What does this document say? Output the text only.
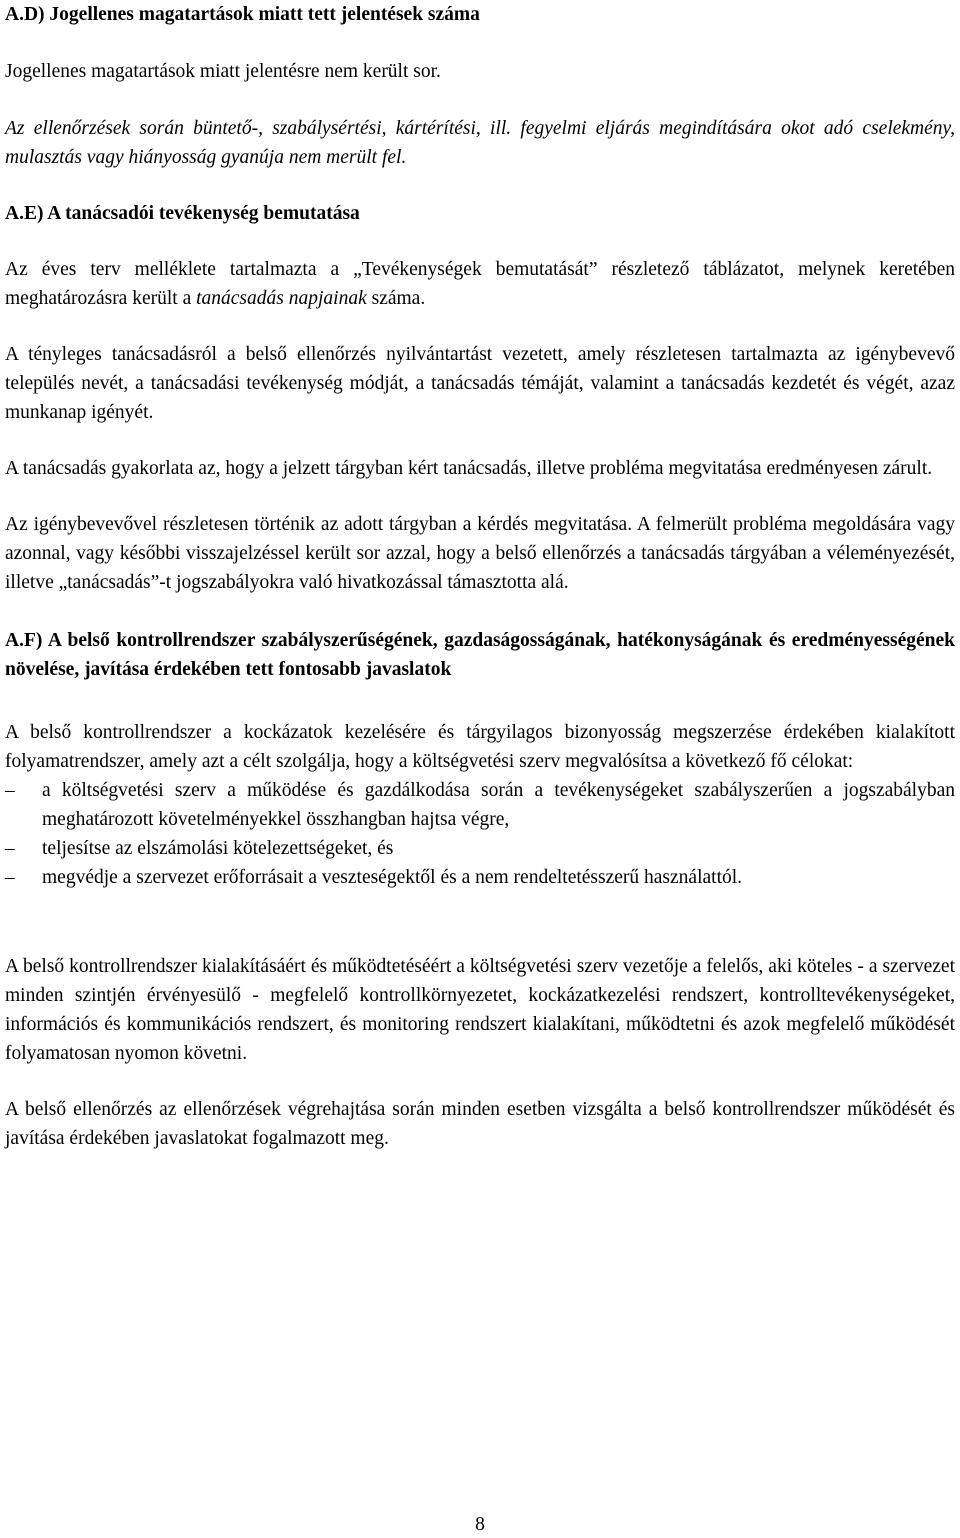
A.D) Jogellenes magatartások miatt tett jelentések száma

Jogellenes magatartások miatt jelentésre nem került sor.

Az ellenőrzések során büntető-, szabálysértési, kártérítési, ill. fegyelmi eljárás megindítására okot adó cselekmény, mulasztás vagy hiányosság gyanúja nem merült fel.

A.E) A tanácsadói tevékenység bemutatása

Az éves terv melléklete tartalmazta a „Tevékenységek bemutatását” részletező táblázatot, melynek keretében meghatározásra került a tanácsadás napjainak száma.

A tényleges tanácsadásról a belső ellenőrzés nyilvántartást vezetett, amely részletesen tartalmazta az igénybevevő település nevét, a tanácsadási tevékenység módját, a tanácsadás témáját, valamint a tanácsadás kezdetét és végét, azaz munkanap igényét.

A tanácsadás gyakorlata az, hogy a jelzett tárgyban kért tanácsadás, illetve probléma megvitatása eredményesen zárult.

Az igénybevevővel részletesen történik az adott tárgyban a kérdés megvitatása. A felmerült probléma megoldására vagy azonnal, vagy későbbi visszajelzéssel került sor azzal, hogy a belső ellenőrzés a tanácsadás tárgyában a véleményezését, illetve „tanácsadás”-t jogszabályokra való hivatkozással támasztotta alá.

A.F) A belső kontrollrendszer szabályszerűségének, gazdaságosságának, hatékonyságának és eredményességének növelése, javítása érdekében tett fontosabb javaslatok

A belső kontrollrendszer a kockázatok kezelésére és tárgyilagos bizonyosság megszerzése érdekében kialakított folyamatrendszer, amely azt a célt szolgálja, hogy a költségvetési szerv megvalósítsa a következő fő célokat:

–	a költségvetési szerv a működése és gazdálkodása során a tevékenységeket szabályszerűen a jogszabályban meghatározott követelményekkel összhangban hajtsa végre,
–	teljesítse az elszámolási kötelezettségeket, és
–	megvédje a szervezet erőforrásait a veszteségektől és a nem rendeltetésszerű használattól.

A belső kontrollrendszer kialakításáért és működtetéséért a költségvetési szerv vezetője a felelős, aki köteles - a szervezet minden szintjén érvényesülő - megfelelő kontrollkörnyezetet, kockázatkezelési rendszert, kontrolltevékenységeket, információs és kommunikációs rendszert, és monitoring rendszert kialakítani, működtetni és azok megfelelő működését folyamatosan nyomon követni.

A belső ellenőrzés az ellenőrzések végrehajtása során minden esetben vizsgálta a belső kontrollrendszer működését és javítása érdekében javaslatokat fogalmazott meg.

8
